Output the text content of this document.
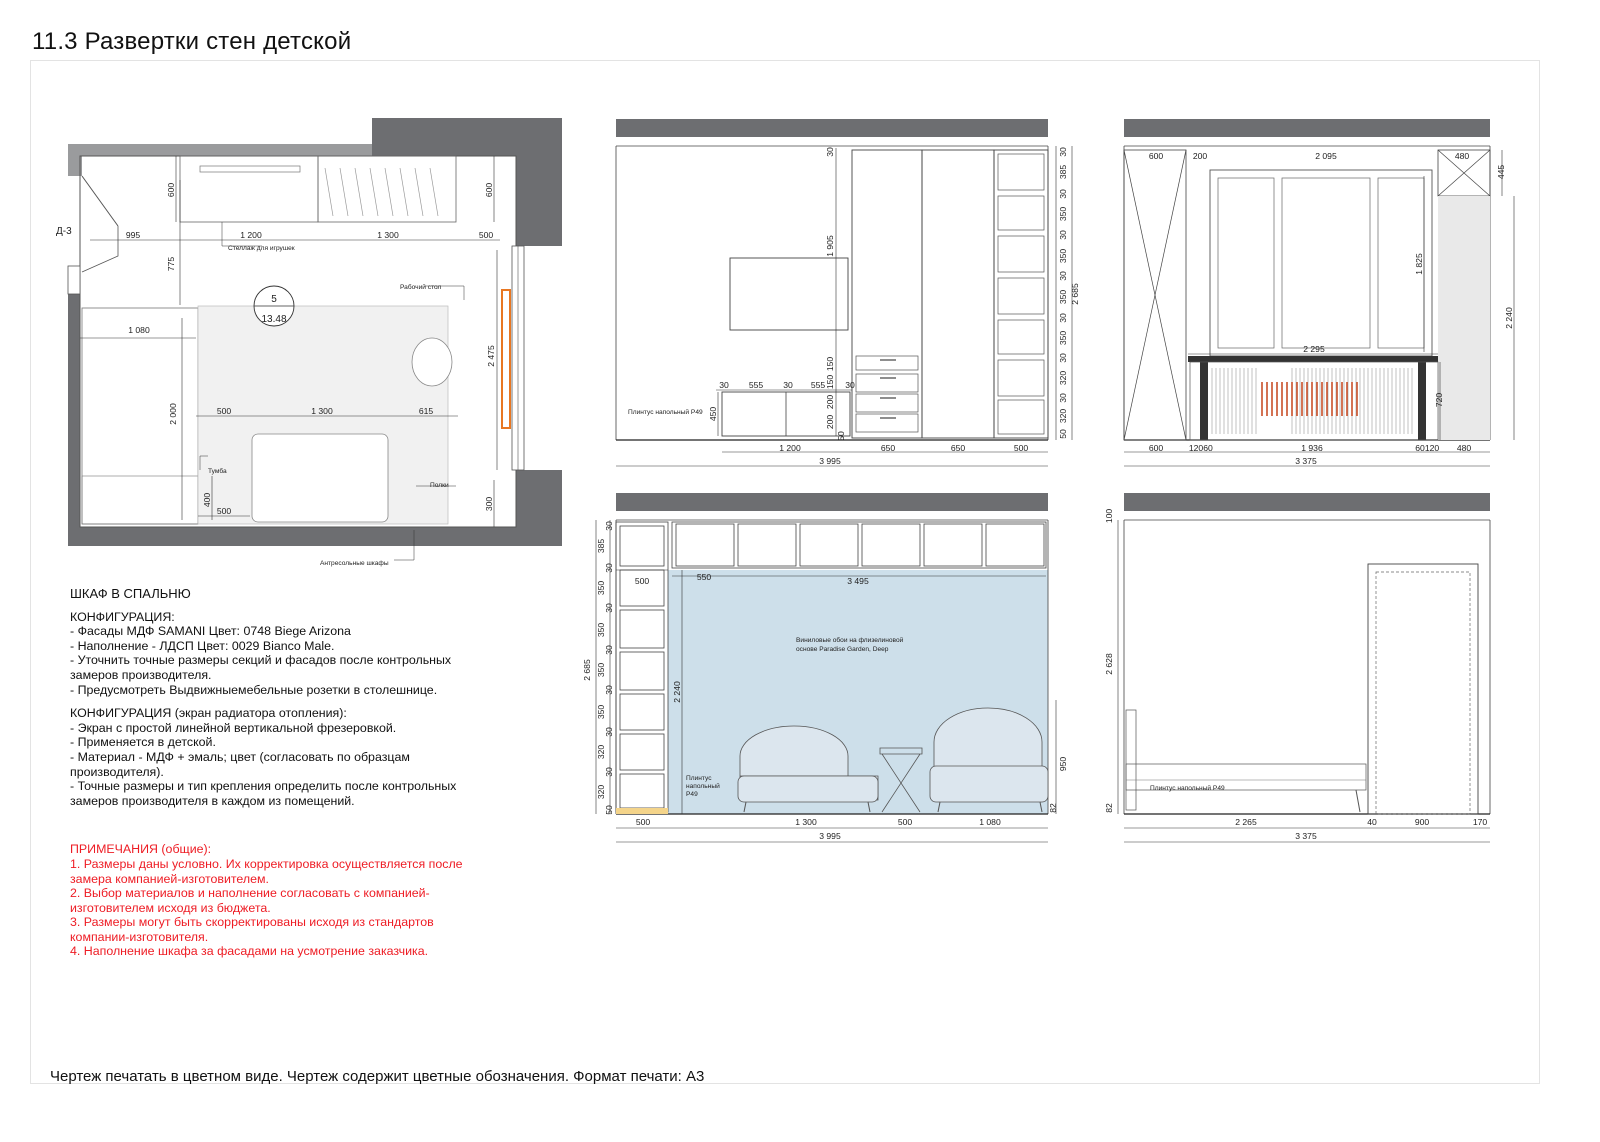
11.3 Развертки стен детской
5
13.48
995	1 200	1 300	500
600	600
775
1 080
2 000	500	1 300	615
2 475
400
500	300
Стеллаж для игрушек
Рабочий стол
Тумба
Полки
Антресольные шкафы
Д-3
1 200	650	650	500
3 995
30 555 30 555 30
30
1 905
150
150
200
200
50
450
30
385
30
350
30
350
30
350
30
350
30
320
30
320
50
2 685
Плинтус напольный P49
600	200	2 095	480
2 295
1 825
720
445
2 240
600	120 60	1 936	60 120 480
3 375
30
385
30
350
30
350
30
350
30
350
30
320
30
320
50
2 685
500	550	3 495
2 240
950
82
Виниловые обои на флизелиновой
основе Paradise Garden, Deep
Плинтус
напольный
P49
500	1 300	500	1 080
3 995
100
2 628
82
Плинтус напольный P49
2 265	40	900	170
3 375
ШКАФ В СПАЛЬНЮ
КОНФИГУРАЦИЯ:
- Фасады МДФ SAMANI Цвет: 0748 Biege Arizona
- Наполнение - ЛДСП Цвет: 0029 Bianco Male.
- Уточнить точные размеры секций и фасадов после контрольных замеров производителя.
- Предусмотреть Выдвижныемебельные розетки в столешнице.
КОНФИГУРАЦИЯ (экран радиатора отопления):
- Экран с простой линейной вертикальной фрезеровкой.
- Применяется в детской.
- Материал - МДФ + эмаль; цвет (согласовать по образцам производителя).
- Точные размеры и тип крепления определить после контрольных замеров производителя в каждом из помещений.
ПРИМЕЧАНИЯ (общие):
1. Размеры даны условно. Их корректировка осуществляется после замера компанией-изготовителем.
2. Выбор материалов и наполнение согласовать с компанией-изготовителем исходя из бюджета.
3. Размеры могут быть скорректированы исходя из стандартов компании-изготовителя.
4. Наполнение шкафа за фасадами на усмотрение заказчика.
Чертеж печатать в цветном виде. Чертеж содержит цветные обозначения. Формат печати: А3
